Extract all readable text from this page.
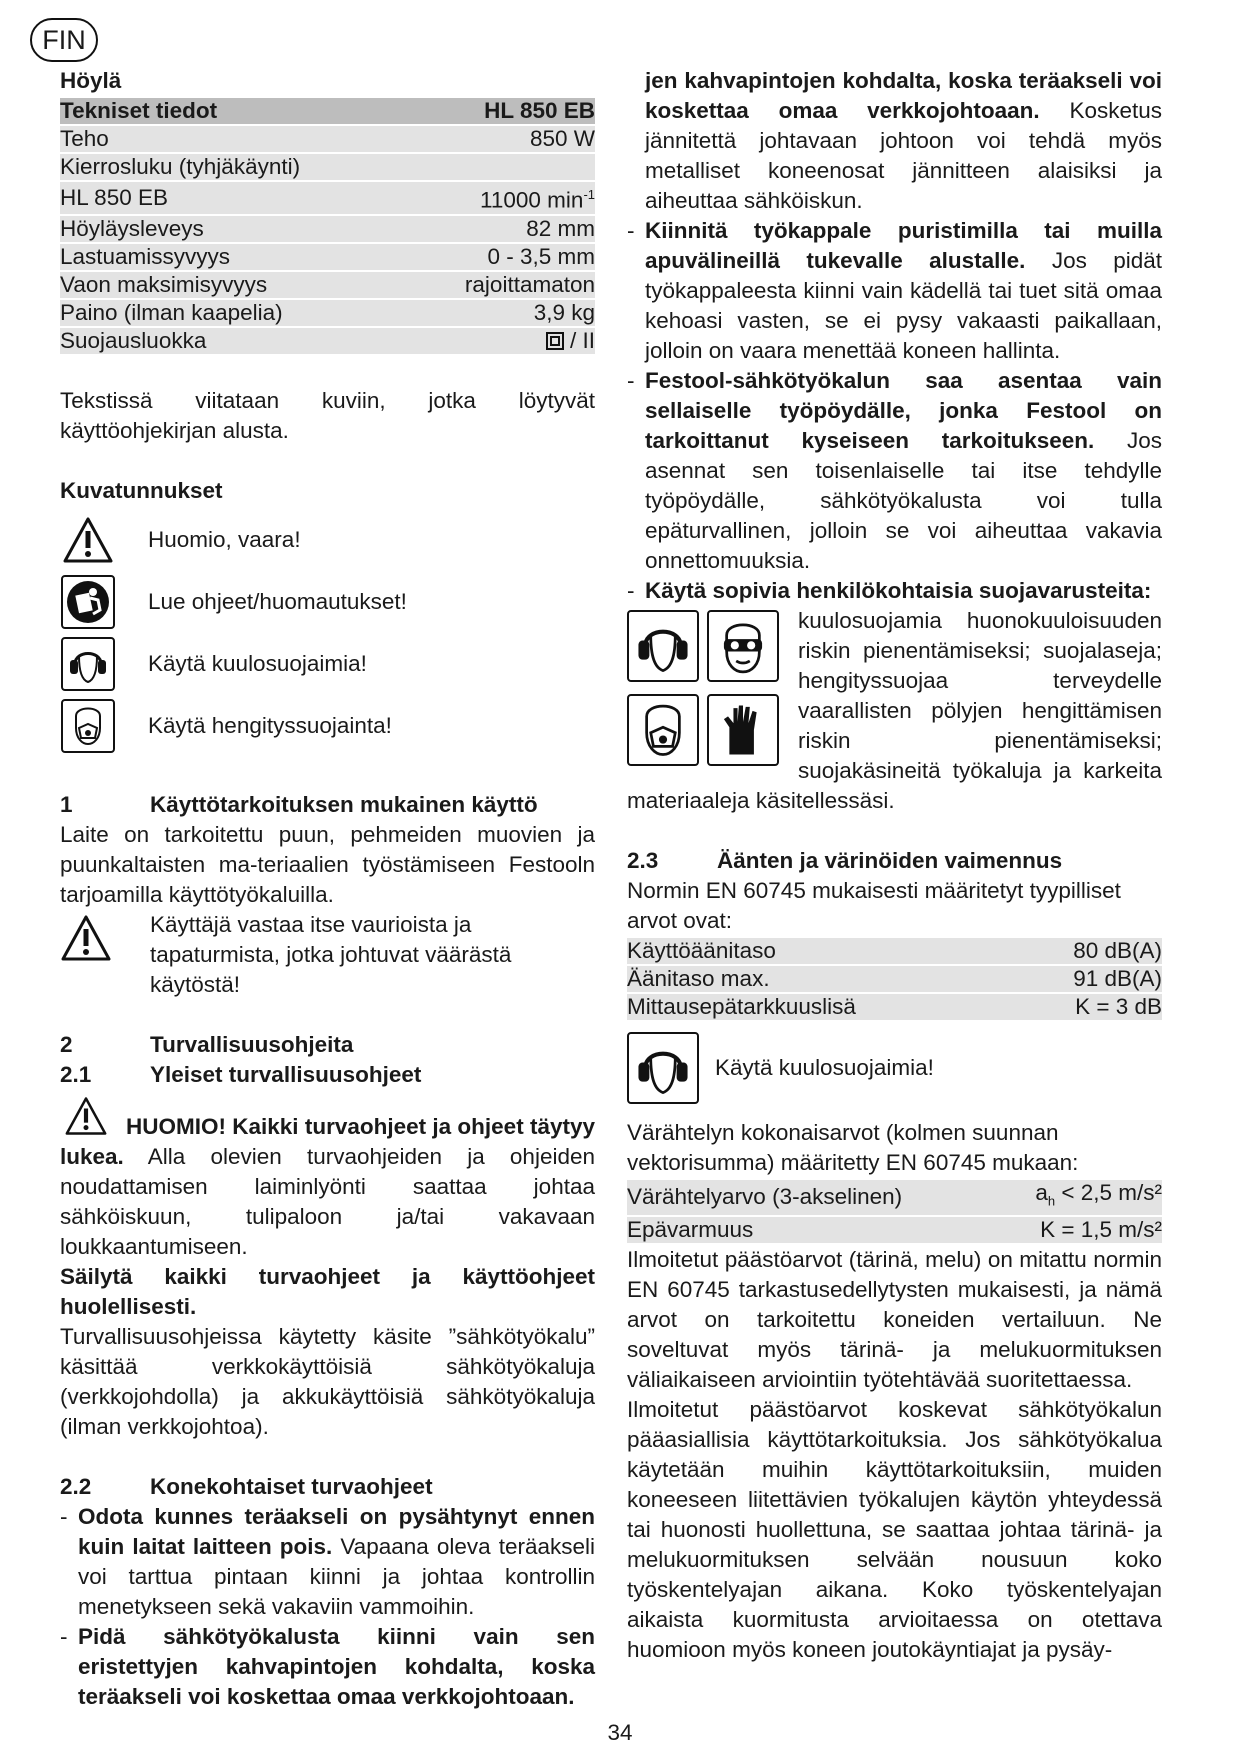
FIN
Höylä
Tekniset tiedot	HL 850 EB
Teho	850 W
Kierrosluku (tyhjäkäynti)	
HL 850 EB	11000 $\min^{-1}$
Höyläysleveys	82 mm
Lastuamissyvyys	0 - 3,5 mm
Vaon maksimisyvyys	rajoittamaton
Paino (ilman kaapelia)	3,9 kg
Suojausluokka	/ II

Tekstissä viitataan kuviin, jotka löytyvät käyttöohjekirjan alusta.

Kuvatunnukset
Huomio, vaara!
Lue ohjeet/huomautukset!
Käytä kuulosuojaimia!
Käytä hengityssuojainta!
1	Käyttötarkoituksen mukainen käyttö

Laite on tarkoitettu puun, pehmeiden muovien ja puunkaltaisten ma-teriaalien työstämiseen Festooln tarjoamilla käyttötyökaluilla.

Käyttäjä vastaa itse vaurioista ja tapaturmista, jotka johtuvat väärästä käytöstä!

2	Turvallisuusohjeita
2.1	Yleiset turvallisuusohjeet

HUOMIO! Kaikki turvaohjeet ja ohjeet täytyy lukea. Alla olevien turvaohjeiden ja ohjeiden noudattamisen laiminlyönti saattaa johtaa sähköiskuun, tulipaloon ja/tai vakavaan loukkaantumiseen.

Säilytä kaikki turvaohjeet ja käyttöohjeet huolellisesti.

Turvallisuusohjeissa käytetty käsite ”sähkötyökalu” käsittää verkkokäyttöisiä sähkötyökaluja (verkkojohdolla) ja akkukäyttöisiä sähkötyökaluja (ilman verkkojohtoa).

2.2	Konekohtaiset turvaohjeet
- Odota kunnes teräakseli on pysähtynyt ennen kuin laitat laitteen pois. Vapaana oleva teräakseli voi tarttua pintaan kiinni ja johtaa kontrollin menetykseen sekä vakaviin vammoihin.

- Pidä sähkötyökalusta kiinni vain sen eristettyjen kahvapintojen kohdalta, koska teräakseli voi koskettaa omaa verkkojohtoaan.

jen kahvapintojen kohdalta, koska teräakseli voi koskettaa omaa verkkojohtoaan. Kosketus jännitettä johtavaan johtoon voi tehdä myös metalliset koneenosat jännitteen alaisiksi ja aiheuttaa sähköiskun.

- Kiinnitä työkappale puristimilla tai muilla apuvälineillä tukevalle alustalle. Jos pidät työkappaleesta kiinni vain kädellä tai tuet sitä omaa kehoasi vasten, se ei pysy vakaasti paikallaan, jolloin on vaara menettää koneen hallinta.

- Festool-sähkötyökalun saa asentaa vain sellaiselle työpöydälle, jonka Festool on tarkoittanut kyseiseen tarkoitukseen. Jos asennat sen toisenlaiselle tai itse tehdylle työpöydälle, sähkötyökalusta voi tulla epäturvallinen, jolloin se voi aiheuttaa vakavia onnettomuuksia.

- Käytä sopivia henkilökohtaisia suojavarusteita:

kuulosuojamia huonokuuloisuuden riskin pienentämiseksi; suojalaseja; hengityssuojaa terveydelle vaarallisten pölyjen hengittämisen riskin pienentämiseksi; suojakäsineitä työkaluja ja karkeita materiaaleja käsitellessäsi.

2.3	Äänten ja värinöiden vaimennus

Normin EN 60745 mukaisesti määritetyt tyypilliset arvot ovat:

Käyttöäänitaso	80 dB(A)
Äänitaso max.	91 dB(A)
Mittausepätarkkuuslisä	K = 3 dB
Käytä kuulosuojaimia!

Värähtelyn kokonaisarvot (kolmen suunnan vektorisumma) määritetty EN 60745 mukaan:

Värähtelyarvo (3-akselinen)	$a_h < 2,5$ m/s²
Epävarmuus	K = 1,5 m/s²

Ilmoitetut päästöarvot (tärinä, melu) on mitattu normin EN 60745 tarkastusedellytysten mukaisesti, ja nämä arvot on tarkoitettu koneiden vertailuun. Ne soveltuvat myös tärinä- ja melukuormituksen väliaikaiseen arviointiin työtehtävää suoritettaessa.

Ilmoitetut päästöarvot koskevat sähkötyökalun pääasiallisia käyttötarkoituksia. Jos sähkötyökalua käytetään muihin käyttötarkoituksiin, muiden koneeseen liitettävien työkalujen käytön yhteydessä tai huonosti huollettuna, se saattaa johtaa tärinä- ja melukuormituksen selvään nousuun koko työskentelyajan aikana. Koko työskentelyajan aikaista kuormitusta arvioitaessa on otettava huomioon myös koneen joutokäyntiajat ja pysäy-

34
